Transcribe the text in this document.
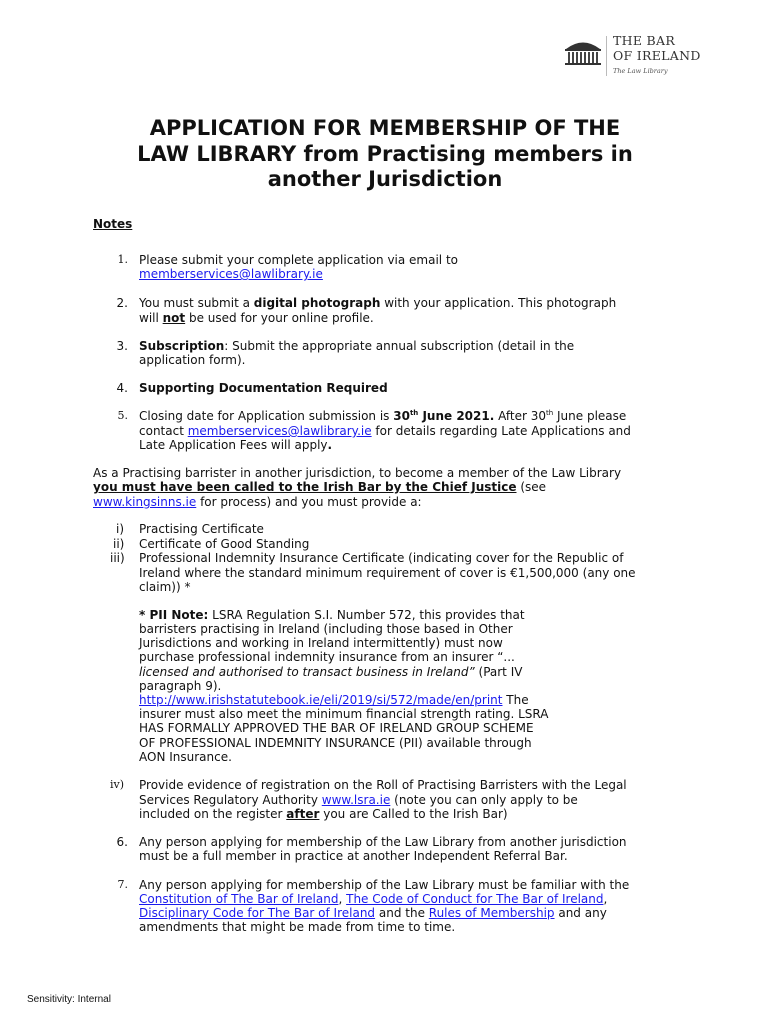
THE BAR
OF IRELAND
The Law Library
APPLICATION FOR MEMBERSHIP OF THE
LAW LIBRARY from Practising members in
another Jurisdiction
Notes
1. Please submit your complete application via email to
memberservices@lawlibrary.ie
2. You must submit a digital photograph with your application. This photograph
will not be used for your online profile.
3. Subscription: Submit the appropriate annual subscription (detail in the
application form).
4. Supporting Documentation Required
5. Closing date for Application submission is 30th June 2021. After 30th June please
contact memberservices@lawlibrary.ie for details regarding Late Applications and
Late Application Fees will apply.
As a Practising barrister in another jurisdiction, to become a member of the Law Library
you must have been called to the Irish Bar by the Chief Justice (see
www.kingsinns.ie for process) and you must provide a:
i) Practising Certificate
ii) Certificate of Good Standing
iii) Professional Indemnity Insurance Certificate (indicating cover for the Republic of
Ireland where the standard minimum requirement of cover is €1,500,000 (any one
claim)) *
* PII Note: LSRA Regulation S.I. Number 572, this provides that
barristers practising in Ireland (including those based in Other
Jurisdictions and working in Ireland intermittently) must now
purchase professional indemnity insurance from an insurer “...
licensed and authorised to transact business in Ireland” (Part IV
paragraph 9).
http://www.irishstatutebook.ie/eli/2019/si/572/made/en/print The
insurer must also meet the minimum financial strength rating. LSRA
HAS FORMALLY APPROVED THE BAR OF IRELAND GROUP SCHEME
OF PROFESSIONAL INDEMNITY INSURANCE (PII) available through
AON Insurance.
iv) Provide evidence of registration on the Roll of Practising Barristers with the Legal
Services Regulatory Authority www.lsra.ie (note you can only apply to be
included on the register after you are Called to the Irish Bar)
6. Any person applying for membership of the Law Library from another jurisdiction
must be a full member in practice at another Independent Referral Bar.
7. Any person applying for membership of the Law Library must be familiar with the
Constitution of The Bar of Ireland, The Code of Conduct for The Bar of Ireland,
Disciplinary Code for The Bar of Ireland and the Rules of Membership and any
amendments that might be made from time to time.
Sensitivity: Internal
